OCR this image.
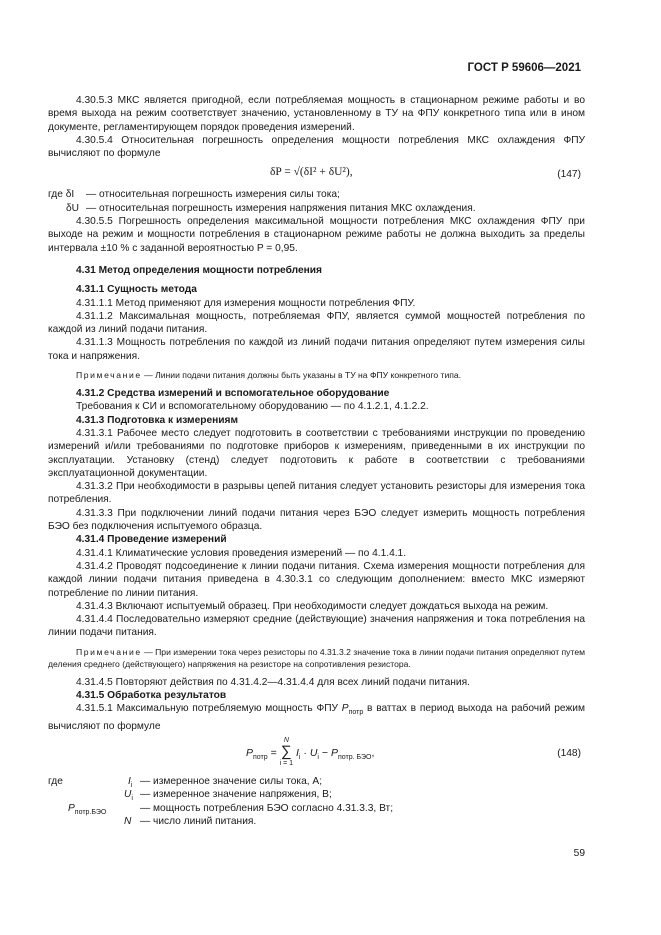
ГОСТ Р 59606—2021

4.30.5.3 МКС является пригодной, если потребляемая мощность в стационарном режиме работы и во время выхода на режим соответствует значению, установленному в ТУ на ФПУ конкретного типа или в ином документе, регламентирующем порядок проведения измерений.

4.30.5.4 Относительная погрешность определения мощности потребления МКС охлаждения ФПУ вычисляют по формуле

δP = √(δI² + δU²),	(147)
где δI — относительная погрешность измерения силы тока;
δU — относительная погрешность измерения напряжения питания МКС охлаждения.

4.30.5.5 Погрешность определения максимальной мощности потребления МКС охлаждения ФПУ при выходе на режим и мощности потребления в стационарном режиме работы не должна выходить за пределы интервала ±10 % с заданной вероятностью P = 0,95.

4.31 Метод определения мощности потребления

4.31.1 Сущность метода

4.31.1.1 Метод применяют для измерения мощности потребления ФПУ.

4.31.1.2 Максимальная мощность, потребляемая ФПУ, является суммой мощностей потребления по каждой из линий подачи питания.

4.31.1.3 Мощность потребления по каждой из линий подачи питания определяют путем измерения силы тока и напряжения.

Примечание — Линии подачи питания должны быть указаны в ТУ на ФПУ конкретного типа.

4.31.2 Средства измерений и вспомогательное оборудование

Требования к СИ и вспомогательному оборудованию — по 4.1.2.1, 4.1.2.2.

4.31.3 Подготовка к измерениям

4.31.3.1 Рабочее место следует подготовить в соответствии с требованиями инструкции по проведению измерений и/или требованиями по подготовке приборов к измерениям, приведенными в их инструкции по эксплуатации. Установку (стенд) следует подготовить к работе в соответствии с требованиями эксплуатационной документации.

4.31.3.2 При необходимости в разрывы цепей питания следует установить резисторы для измерения тока потребления.

4.31.3.3 При подключении линий подачи питания через БЭО следует измерить мощность потребления БЭО без подключения испытуемого образца.

4.31.4 Проведение измерений

4.31.4.1 Климатические условия проведения измерений — по 4.1.4.1.

4.31.4.2 Проводят подсоединение к линии подачи питания. Схема измерения мощности потребления для каждой линии подачи питания приведена в 4.30.3.1 со следующим дополнением: вместо МКС измеряют потребление по линии питания.

4.31.4.3 Включают испытуемый образец. При необходимости следует дождаться выхода на режим.

4.31.4.4 Последовательно измеряют средние (действующие) значения напряжения и тока потребления на линии подачи питания.

Примечание — При измерении тока через резисторы по 4.31.3.2 значение тока в линии подачи питания определяют путем деления среднего (действующего) напряжения на резисторе на сопротивления резистора.

4.31.4.5 Повторяют действия по 4.31.4.2—4.31.4.4 для всех линий подачи питания.

4.31.5 Обработка результатов

4.31.5.1 Максимальную потребляемую мощность ФПУ $P_{потр}$ в ваттах в период выхода на рабочий режим вычисляют по формуле

$P_{потр}$ =
N
∑
i = 1
$I_i \cdot U_i - P_{потр. БЭО}$,	(148)
где	$I_i$ — измеренное значение силы тока, А;
$U_i$ — измеренное значение напряжения, В;
$P_{потр.БЭО}$	— мощность потребления БЭО согласно 4.31.3.3, Вт;
N — число линий питания.
59
